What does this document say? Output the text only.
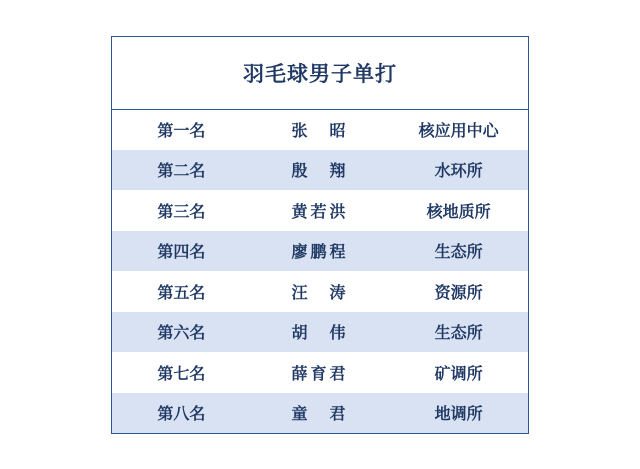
羽毛球男子单打		
第一名	张　昭	核应用中心
第二名	殷　翔	水环所
第三名	黄若洪	核地质所
第四名	廖鹏程	生态所
第五名	汪　涛	资源所
第六名	胡　伟	生态所
第七名	薛育君	矿调所
第八名	童　君	地调所
